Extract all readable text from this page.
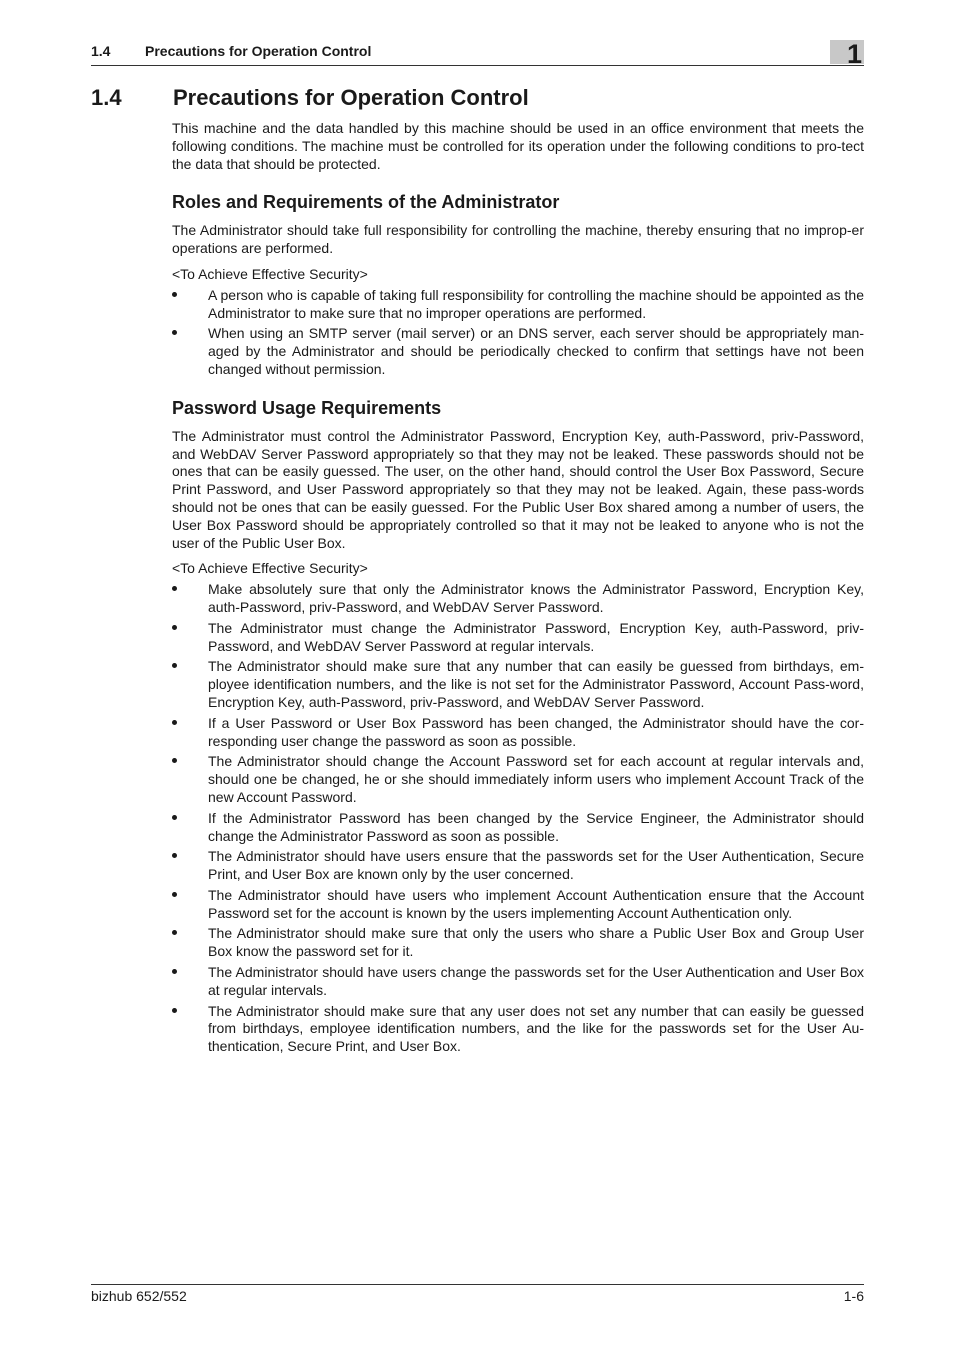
1.4 Precautions for Operation Control	1
1.4 Precautions for Operation Control

This machine and the data handled by this machine should be used in an office environment that meets the following conditions. The machine must be controlled for its operation under the following conditions to pro-tect the data that should be protected.

Roles and Requirements of the Administrator

The Administrator should take full responsibility for controlling the machine, thereby ensuring that no improp-er operations are performed.

<To Achieve Effective Security>

A person who is capable of taking full responsibility for controlling the machine should be appointed as the Administrator to make sure that no improper operations are performed.

When using an SMTP server (mail server) or an DNS server, each server should be appropriately man-aged by the Administrator and should be periodically checked to confirm that settings have not been changed without permission.

Password Usage Requirements

The Administrator must control the Administrator Password, Encryption Key, auth-Password, priv-Password, and WebDAV Server Password appropriately so that they may not be leaked. These passwords should not be ones that can be easily guessed. The user, on the other hand, should control the User Box Password, Secure Print Password, and User Password appropriately so that they may not be leaked. Again, these pass-words should not be ones that can be easily guessed. For the Public User Box shared among a number of users, the User Box Password should be appropriately controlled so that it may not be leaked to anyone who is not the user of the Public User Box.

<To Achieve Effective Security>

Make absolutely sure that only the Administrator knows the Administrator Password, Encryption Key, auth-Password, priv-Password, and WebDAV Server Password.

The Administrator must change the Administrator Password, Encryption Key, auth-Password, priv-Password, and WebDAV Server Password at regular intervals.

The Administrator should make sure that any number that can easily be guessed from birthdays, em-ployee identification numbers, and the like is not set for the Administrator Password, Account Pass-word, Encryption Key, auth-Password, priv-Password, and WebDAV Server Password.

If a User Password or User Box Password has been changed, the Administrator should have the cor-responding user change the password as soon as possible.

The Administrator should change the Account Password set for each account at regular intervals and, should one be changed, he or she should immediately inform users who implement Account Track of the new Account Password.

If the Administrator Password has been changed by the Service Engineer, the Administrator should change the Administrator Password as soon as possible.

The Administrator should have users ensure that the passwords set for the User Authentication, Secure Print, and User Box are known only by the user concerned.

The Administrator should have users who implement Account Authentication ensure that the Account Password set for the account is known by the users implementing Account Authentication only.

The Administrator should make sure that only the users who share a Public User Box and Group User Box know the password set for it.

The Administrator should have users change the passwords set for the User Authentication and User Box at regular intervals.

The Administrator should make sure that any user does not set any number that can easily be guessed from birthdays, employee identification numbers, and the like for the passwords set for the User Au-thentication, Secure Print, and User Box.

bizhub 652/552	1-6
